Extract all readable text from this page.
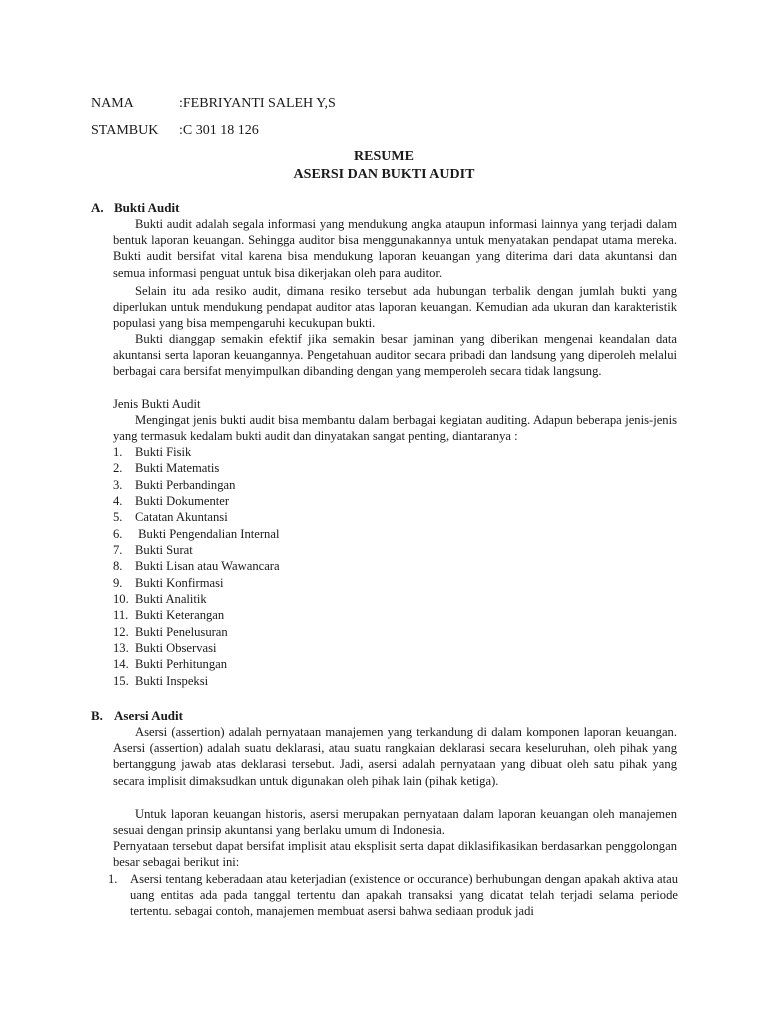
NAMA	:FEBRIYANTI SALEH Y,S
STAMBUK :C 301 18 126
RESUME
ASERSI DAN BUKTI AUDIT
A. Bukti Audit
Bukti audit adalah segala informasi yang mendukung angka ataupun informasi lainnya yang terjadi dalam bentuk laporan keuangan. Sehingga auditor bisa menggunakannya untuk menyatakan pendapat utama mereka. Bukti audit bersifat vital karena bisa mendukung laporan keuangan yang diterima dari data akuntansi dan semua informasi penguat untuk bisa dikerjakan oleh para auditor.
Selain itu ada resiko audit, dimana resiko tersebut ada hubungan terbalik dengan jumlah bukti yang diperlukan untuk mendukung pendapat auditor atas laporan keuangan. Kemudian ada ukuran dan karakteristik populasi yang bisa mempengaruhi kecukupan bukti.
Bukti dianggap semakin efektif jika semakin besar jaminan yang diberikan mengenai keandalan data akuntansi serta laporan keuangannya. Pengetahuan auditor secara pribadi dan landsung yang diperoleh melalui berbagai cara bersifat menyimpulkan dibanding dengan yang memperoleh secara tidak langsung.
Jenis Bukti Audit
Mengingat jenis bukti audit bisa membantu dalam berbagai kegiatan auditing. Adapun beberapa jenis-jenis yang termasuk kedalam bukti audit dan dinyatakan sangat penting, diantaranya :
1. Bukti Fisik
2. Bukti Matematis
3. Bukti Perbandingan
4. Bukti Dokumenter
5. Catatan Akuntansi
6. Bukti Pengendalian Internal
7. Bukti Surat
8. Bukti Lisan atau Wawancara
9. Bukti Konfirmasi
10. Bukti Analitik
11. Bukti Keterangan
12. Bukti Penelusuran
13. Bukti Observasi
14. Bukti Perhitungan
15. Bukti Inspeksi
B. Asersi Audit
Asersi (assertion) adalah pernyataan manajemen yang terkandung di dalam komponen laporan keuangan. Asersi (assertion) adalah suatu deklarasi, atau suatu rangkaian deklarasi secara keseluruhan, oleh pihak yang bertanggung jawab atas deklarasi tersebut. Jadi, asersi adalah pernyataan yang dibuat oleh satu pihak yang secara implisit dimaksudkan untuk digunakan oleh pihak lain (pihak ketiga).
Untuk laporan keuangan historis, asersi merupakan pernyataan dalam laporan keuangan oleh manajemen sesuai dengan prinsip akuntansi yang berlaku umum di Indonesia.
Pernyataan tersebut dapat bersifat implisit atau eksplisit serta dapat diklasifikasikan berdasarkan penggolongan besar sebagai berikut ini:
1. Asersi tentang keberadaan atau keterjadian (existence or occurance) berhubungan dengan apakah aktiva atau uang entitas ada pada tanggal tertentu dan apakah transaksi yang dicatat telah terjadi selama periode tertentu. sebagai contoh, manajemen membuat asersi bahwa sediaan produk jadi
